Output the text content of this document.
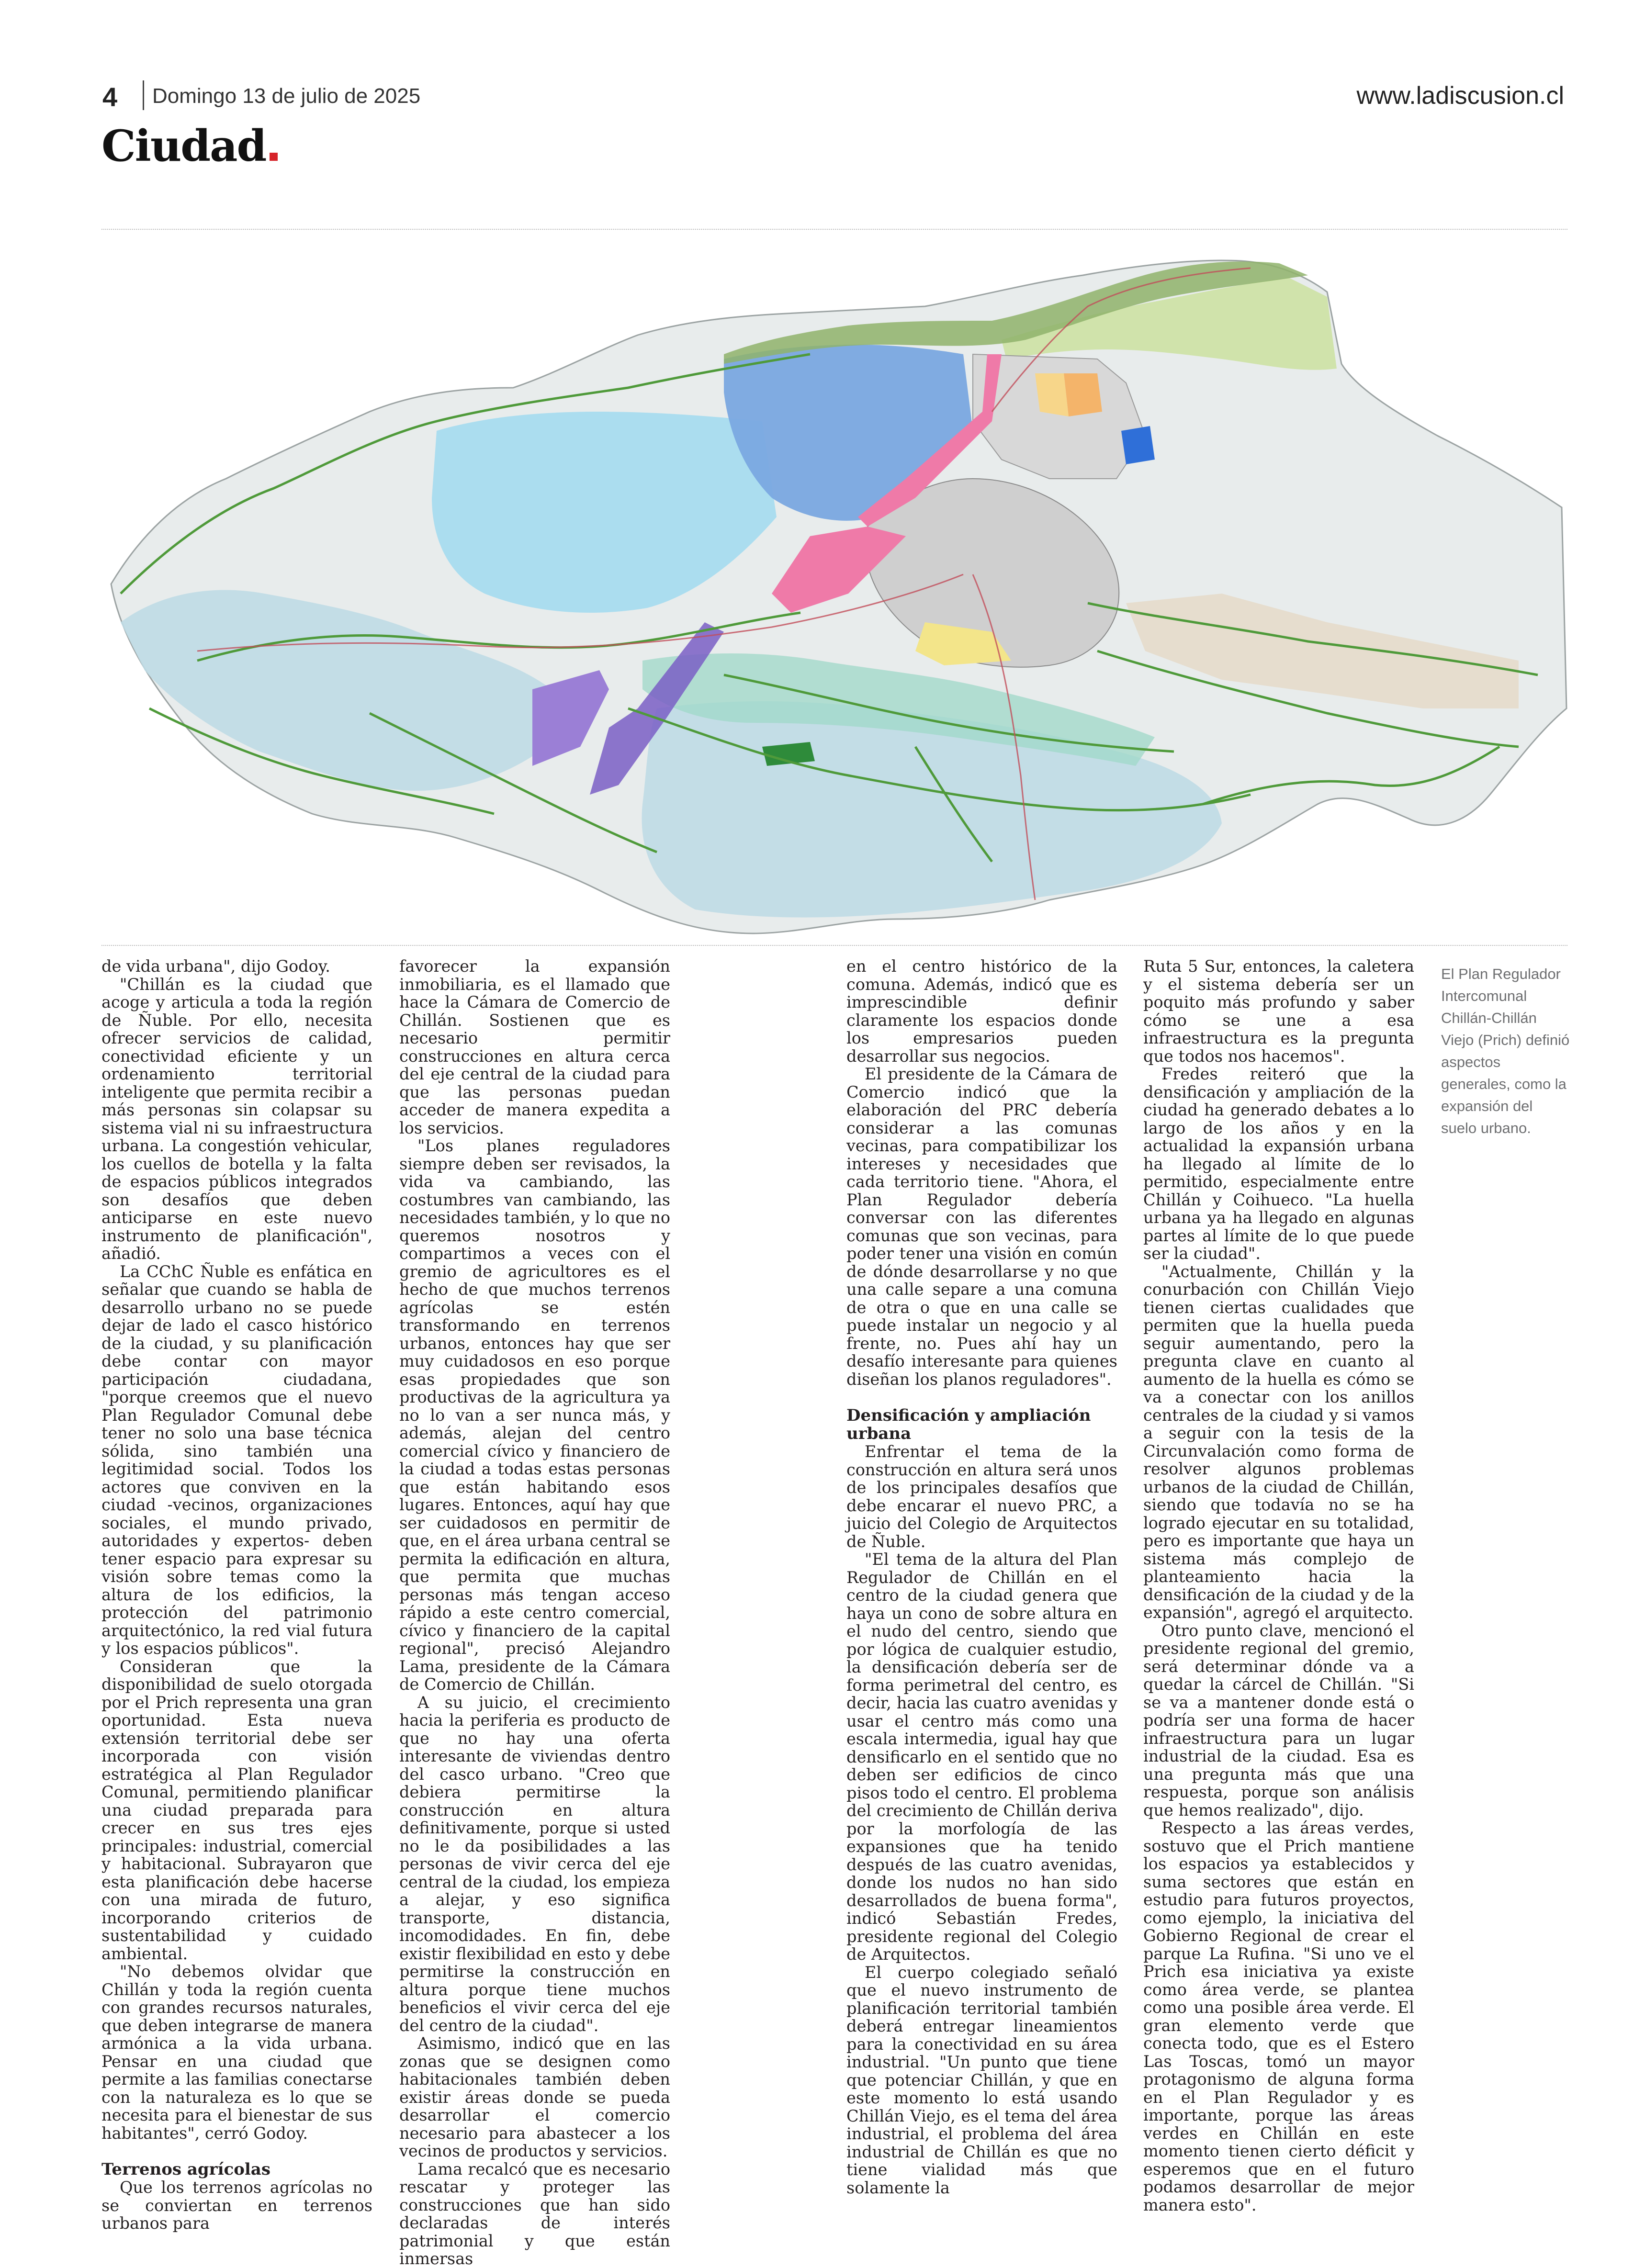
4 Domingo 13 de julio de 2025	www.ladiscusion.cl
Ciudad

de vida urbana", dijo Godoy.

"Chillán es la ciudad que acoge y articula a toda la región de Ñuble. Por ello, necesita ofrecer servicios de calidad, conectividad eficiente y un ordenamiento territorial inteligente que permita recibir a más personas sin colapsar su sistema vial ni su infraestructura urbana. La congestión vehicular, los cuellos de botella y la falta de espacios públicos integrados son desafíos que deben anticiparse en este nuevo instrumento de planificación", añadió.

La CChC Ñuble es enfática en señalar que cuando se habla de desarrollo urbano no se puede dejar de lado el casco histórico de la ciudad, y su planificación debe contar con mayor participación ciudadana, "porque creemos que el nuevo Plan Regulador Comunal debe tener no solo una base técnica sólida, sino también una legitimidad social. Todos los actores que conviven en la ciudad -vecinos, organizaciones sociales, el mundo privado, autoridades y expertos- deben tener espacio para expresar su visión sobre temas como la altura de los edificios, la protección del patrimonio arquitectónico, la red vial futura y los espacios públicos".

Consideran que la disponibilidad de suelo otorgada por el Prich representa una gran oportunidad. Esta nueva extensión territorial debe ser incorporada con visión estratégica al Plan Regulador Comunal, permitiendo planificar una ciudad preparada para crecer en sus tres ejes principales: industrial, comercial y habitacional. Subrayaron que esta planificación debe hacerse con una mirada de futuro, incorporando criterios de sustentabilidad y cuidado ambiental.

"No debemos olvidar que Chillán y toda la región cuenta con grandes recursos naturales, que deben integrarse de manera armónica a la vida urbana. Pensar en una ciudad que permite a las familias conectarse con la naturaleza es lo que se necesita para el bienestar de sus habitantes", cerró Godoy.

Terrenos agrícolas

Que los terrenos agrícolas no se conviertan en terrenos urbanos para

favorecer la expansión inmobiliaria, es el llamado que hace la Cámara de Comercio de Chillán. Sostienen que es necesario permitir construcciones en altura cerca del eje central de la ciudad para que las personas puedan acceder de manera expedita a los servicios.

"Los planes reguladores siempre deben ser revisados, la vida va cambiando, las costumbres van cambiando, las necesidades también, y lo que no queremos nosotros y compartimos a veces con el gremio de agricultores es el hecho de que muchos terrenos agrícolas se estén transformando en terrenos urbanos, entonces hay que ser muy cuidadosos en eso porque esas propiedades que son productivas de la agricultura ya no lo van a ser nunca más, y además, alejan del centro comercial cívico y financiero de la ciudad a todas estas personas que están habitando esos lugares. Entonces, aquí hay que ser cuidadosos en permitir de que, en el área urbana central se permita la edificación en altura, que permita que muchas personas más tengan acceso rápido a este centro comercial, cívico y financiero de la capital regional", precisó Alejandro Lama, presidente de la Cámara de Comercio de Chillán.

A su juicio, el crecimiento hacia la periferia es producto de que no hay una oferta interesante de viviendas dentro del casco urbano. "Creo que debiera permitirse la construcción en altura definitivamente, porque si usted no le da posibilidades a las personas de vivir cerca del eje central de la ciudad, los empieza a alejar, y eso significa transporte, distancia, incomodidades. En fin, debe existir flexibilidad en esto y debe permitirse la construcción en altura porque tiene muchos beneficios el vivir cerca del eje del centro de la ciudad".

Asimismo, indicó que en las zonas que se designen como habitacionales también deben existir áreas donde se pueda desarrollar el comercio necesario para abastecer a los vecinos de productos y servicios.

Lama recalcó que es necesario rescatar y proteger las construcciones que han sido declaradas de interés patrimonial y que están inmersas

en el centro histórico de la comuna. Además, indicó que es imprescindible definir claramente los espacios donde los empresarios pueden desarrollar sus negocios.

El presidente de la Cámara de Comercio indicó que la elaboración del PRC debería considerar a las comunas vecinas, para compatibilizar los intereses y necesidades que cada territorio tiene. "Ahora, el Plan Regulador debería conversar con las diferentes comunas que son vecinas, para poder tener una visión en común de dónde desarrollarse y no que una calle separe a una comuna de otra o que en una calle se puede instalar un negocio y al frente, no. Pues ahí hay un desafío interesante para quienes diseñan los planos reguladores".

Densificación y ampliación urbana

Enfrentar el tema de la construcción en altura será unos de los principales desafíos que debe encarar el nuevo PRC, a juicio del Colegio de Arquitectos de Ñuble.

"El tema de la altura del Plan Regulador de Chillán en el centro de la ciudad genera que haya un cono de sobre altura en el nudo del centro, siendo que por lógica de cualquier estudio, la densificación debería ser de forma perimetral del centro, es decir, hacia las cuatro avenidas y usar el centro más como una escala intermedia, igual hay que densificarlo en el sentido que no deben ser edificios de cinco pisos todo el centro. El problema del crecimiento de Chillán deriva por la morfología de las expansiones que ha tenido después de las cuatro avenidas, donde los nudos no han sido desarrollados de buena forma", indicó Sebastián Fredes, presidente regional del Colegio de Arquitectos.

El cuerpo colegiado señaló que el nuevo instrumento de planificación territorial también deberá entregar lineamientos para la conectividad en su área industrial. "Un punto que tiene que potenciar Chillán, y que en este momento lo está usando Chillán Viejo, es el tema del área industrial, el problema del área industrial de Chillán es que no tiene vialidad más que solamente la

Ruta 5 Sur, entonces, la caletera y el sistema debería ser un poquito más profundo y saber cómo se une a esa infraestructura es la pregunta que todos nos hacemos".

Fredes reiteró que la densificación y ampliación de la ciudad ha generado debates a lo largo de los años y en la actualidad la expansión urbana ha llegado al límite de lo permitido, especialmente entre Chillán y Coihueco. "La huella urbana ya ha llegado en algunas partes al límite de lo que puede ser la ciudad".

"Actualmente, Chillán y la conurbación con Chillán Viejo tienen ciertas cualidades que permiten que la huella pueda seguir aumentando, pero la pregunta clave en cuanto al aumento de la huella es cómo se va a conectar con los anillos centrales de la ciudad y si vamos a seguir con la tesis de la Circunvalación como forma de resolver algunos problemas urbanos de la ciudad de Chillán, siendo que todavía no se ha logrado ejecutar en su totalidad, pero es importante que haya un sistema más complejo de planteamiento hacia la densificación de la ciudad y de la expansión", agregó el arquitecto.

Otro punto clave, mencionó el presidente regional del gremio, será determinar dónde va a quedar la cárcel de Chillán. "Si se va a mantener donde está o podría ser una forma de hacer infraestructura para un lugar industrial de la ciudad. Esa es una pregunta más que una respuesta, porque son análisis que hemos realizado", dijo.

Respecto a las áreas verdes, sostuvo que el Prich mantiene los espacios ya establecidos y suma sectores que están en estudio para futuros proyectos, como ejemplo, la iniciativa del Gobierno Regional de crear el parque La Rufina. "Si uno ve el Prich esa iniciativa ya existe como área verde, se plantea como una posible área verde. El gran elemento verde que conecta todo, que es el Estero Las Toscas, tomó un mayor protagonismo de alguna forma en el Plan Regulador y es importante, porque las áreas verdes en Chillán en este momento tienen cierto déficit y esperemos que en el futuro podamos desarrollar de mejor manera esto".

El Plan Regulador Intercomunal Chillán-Chillán Viejo (Prich) definió aspectos generales, como la expansión del suelo urbano.
